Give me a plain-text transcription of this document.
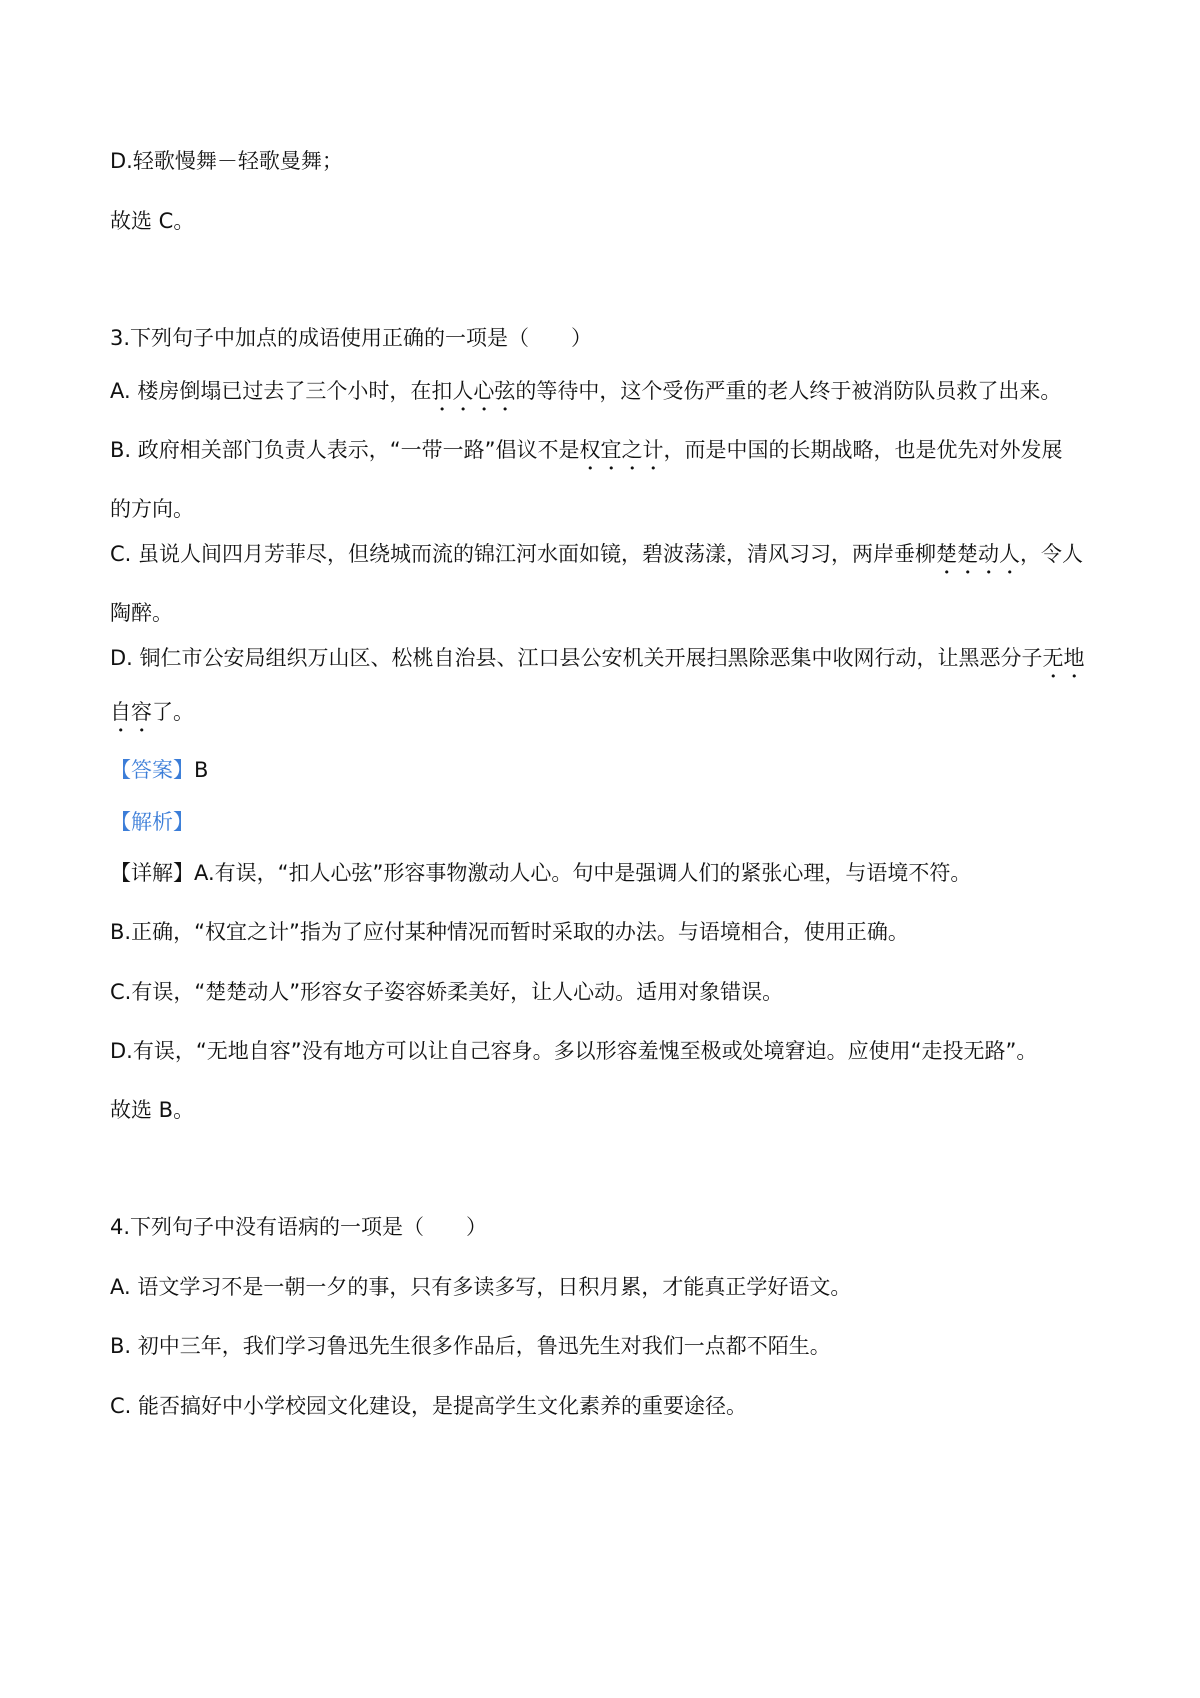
D.轻歌慢舞－轻歌曼舞；
故选 C。
3.下列句子中加点的成语使用正确的一项是（　　）
A. 楼房倒塌已过去了三个小时，在扣人心弦的等待中，这个受伤严重的老人终于被消防队员救了出来。
B. 政府相关部门负责人表示，“一带一路”倡议不是权宜之计，而是中国的长期战略，也是优先对外发展
的方向。
C. 虽说人间四月芳菲尽，但绕城而流的锦江河水面如镜，碧波荡漾，清风习习，两岸垂柳楚楚动人，令人
陶醉。
D. 铜仁市公安局组织万山区、松桃自治县、江口县公安机关开展扫黑除恶集中收网行动，让黑恶分子无地
自容了。
【答案】B
【解析】
【详解】A.有误，“扣人心弦”形容事物激动人心。句中是强调人们的紧张心理，与语境不符。
B.正确，“权宜之计”指为了应付某种情况而暂时采取的办法。与语境相合，使用正确。
C.有误，“楚楚动人”形容女子姿容娇柔美好，让人心动。适用对象错误。
D.有误，“无地自容”没有地方可以让自己容身。多以形容羞愧至极或处境窘迫。应使用“走投无路”。
故选 B。
4.下列句子中没有语病的一项是（　　）
A. 语文学习不是一朝一夕的事，只有多读多写，日积月累，才能真正学好语文。
B. 初中三年，我们学习鲁迅先生很多作品后，鲁迅先生对我们一点都不陌生。
C. 能否搞好中小学校园文化建设，是提高学生文化素养的重要途径。
